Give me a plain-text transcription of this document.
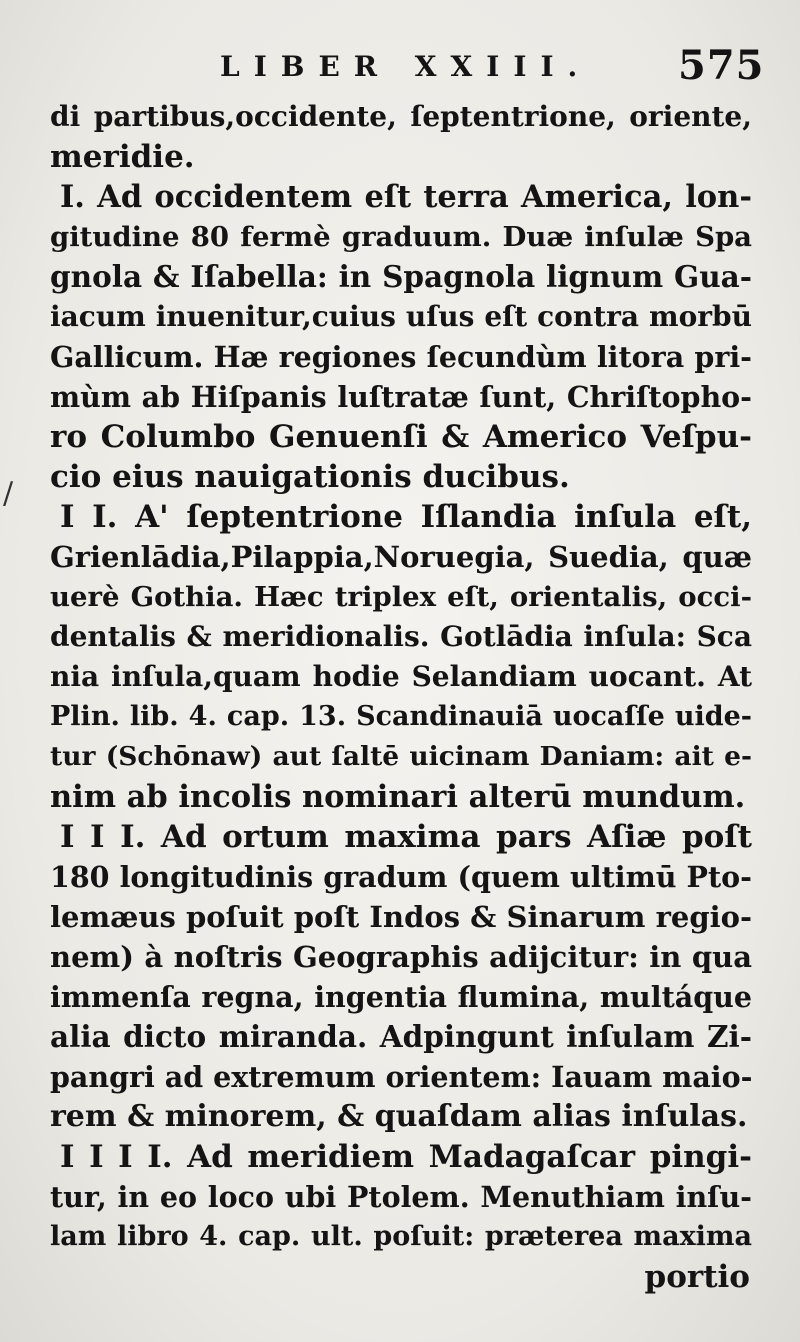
LIBER XXIII. 575
/
di partibus,occidente, ſeptentrione, oriente,
meridie.
I. Ad occidentem eſt terra America, lon-
gitudine 80 fermè graduum. Duæ inſulæ Spa
gnola & Iſabella: in Spagnola lignum Gua-
iacum inuenitur,cuius uſus eſt contra morbū
Gallicum. Hæ regiones ſecundùm litora pri-
mùm ab Hiſpanis luſtratæ ſunt, Chriſtopho-
ro Columbo Genuenſi & Americo Veſpu-
cio eius nauigationis ducibus.
I I. A' ſeptentrione Iſlandia inſula eſt,
Grienlādia,Pilappia,Noruegia, Suedia, quæ
uerè Gothia. Hæc triplex eſt, orientalis, occi-
dentalis & meridionalis. Gotlādia inſula: Sca
nia inſula,quam hodie Selandiam uocant. At
Plin. lib. 4. cap. 13. Scandinauiā uocaſſe uide-
tur (Schōnaw) aut ſaltē uicinam Daniam: ait e-
nim ab incolis nominari alterū mundum.
I I I. Ad ortum maxima pars Aſiæ poſt
180 longitudinis gradum (quem ultimū Pto-
lemæus poſuit poſt Indos & Sinarum regio-
nem) à noſtris Geographis adijcitur: in qua
immenſa regna, ingentia flumina, multáque
alia dicto miranda. Adpingunt inſulam Zi-
pangri ad extremum orientem: Iauam maio-
rem & minorem, & quaſdam alias inſulas.
I I I I. Ad meridiem Madagaſcar pingi-
tur, in eo loco ubi Ptolem. Menuthiam inſu-
lam libro 4. cap. ult. poſuit: præterea maxima
portio
